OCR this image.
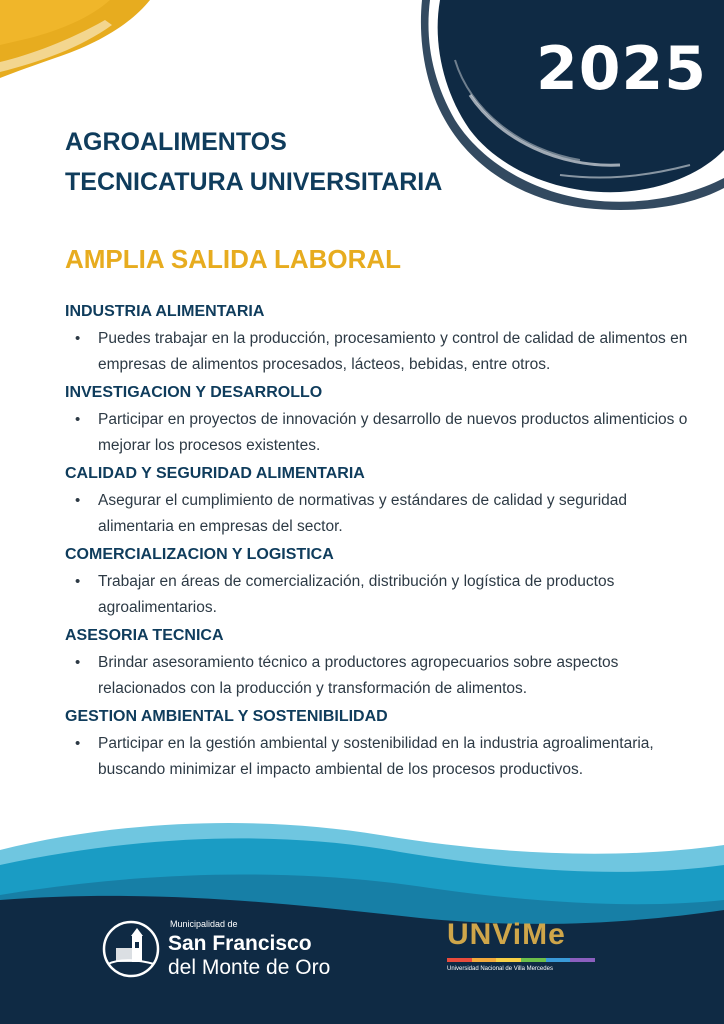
2025
AGROALIMENTOS
TECNICATURA UNIVERSITARIA
AMPLIA SALIDA LABORAL
INDUSTRIA ALIMENTARIA
• Puedes trabajar en la producción, procesamiento y control de calidad de alimentos en empresas de alimentos procesados, lácteos, bebidas, entre otros.
INVESTIGACION Y DESARROLLO
• Participar en proyectos de innovación y desarrollo de nuevos productos alimenticios o mejorar los procesos existentes.
CALIDAD Y SEGURIDAD ALIMENTARIA
• Asegurar el cumplimiento de normativas y estándares de calidad y seguridad alimentaria en empresas del sector.
COMERCIALIZACION Y LOGISTICA
• Trabajar en áreas de comercialización, distribución y logística de productos agroalimentarios.
ASESORIA TECNICA
• Brindar asesoramiento técnico a productores agropecuarios sobre aspectos relacionados con la producción y transformación de alimentos.
GESTION AMBIENTAL Y SOSTENIBILIDAD
• Participar en la gestión ambiental y sostenibilidad en la industria agroalimentaria, buscando minimizar el impacto ambiental de los procesos productivos.
Municipalidad de
San Francisco
del Monte de Oro
UNViMe
Universidad Nacional de Villa Mercedes
